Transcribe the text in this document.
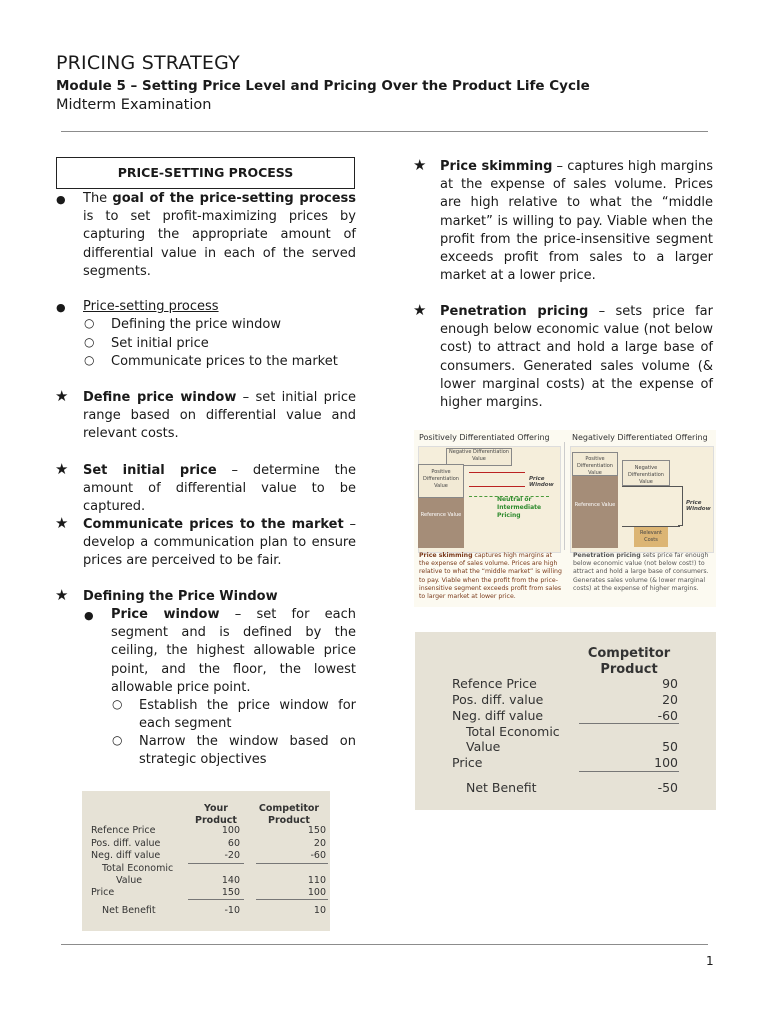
PRICING STRATEGY
Module 5 – Setting Price Level and Pricing Over the Product Life Cycle
Midterm Examination
PRICE-SETTING PROCESS
● The goal of the price-setting process is to set profit-maximizing prices by capturing the appropriate amount of differential value in each of the served segments.
● Price-setting process
○ Defining the price window
○ Set initial price
○ Communicate prices to the market
★ Define price window – set initial price range based on differential value and relevant costs.
★ Set initial price – determine the amount of differential value to be captured.
★ Communicate prices to the market – develop a communication plan to ensure prices are perceived to be fair.
★ Defining the Price Window
● Price window – set for each segment and is defined by the ceiling, the highest allowable price point, and the floor, the lowest allowable price point.
○ Establish the price window for each segment
○ Narrow the window based on strategic objectives
Your Product
Competitor Product
Refence Price	100	150
Pos. diff. value	60	20
Neg. diff value	-20	-60
Total Economic
Value	140	110
Price	150	100
Net Benefit	-10	10
★ Price skimming – captures high margins at the expense of sales volume. Prices are high relative to what the “middle market” is willing to pay. Viable when the profit from the price-insensitive segment exceeds profit from sales to a larger market at a lower price.
★ Penetration pricing – sets price far enough below economic value (not below cost) to attract and hold a large base of consumers. Generated sales volume (& lower marginal costs) at the expense of higher margins.
Positively Differentiated Offering	Negatively Differentiated Offering
Negative Differentiation Value
Positive Differentiation Value
Reference Value
Price Window
Neutral or Intermediate Pricing
Positive Differentiation Value
Negative Differentiation Value
Reference Value	Price Window
Relevant Costs
Price skimming captures high margins at the expense of sales volume. Prices are high relative to what the “middle market” is willing to pay. Viable when the profit from the price-insensitive segment exceeds profit from sales to larger market at lower price.
Penetration pricing sets price far enough below economic value (not below cost!) to attract and hold a large base of consumers. Generates sales volume (& lower marginal costs) at the expense of higher margins.
Competitor Product
Refence Price	90
Pos. diff. value	20
Neg. diff value	-60
Total Economic
Value	50
Price	100
Net Benefit	-50
1
